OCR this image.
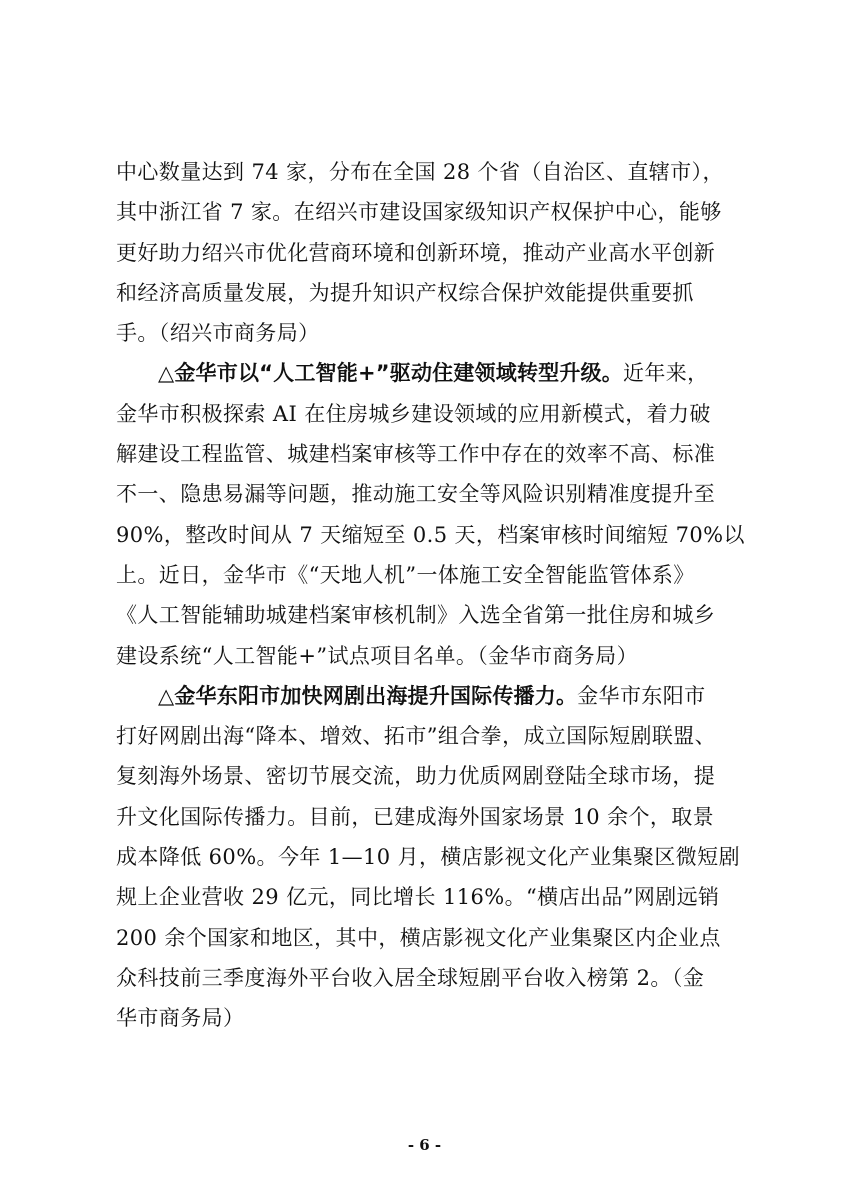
中心数量达到 74 家，分布在全国 28 个省（自治区、直辖市），
其中浙江省 7 家。在绍兴市建设国家级知识产权保护中心，能够
更好助力绍兴市优化营商环境和创新环境，推动产业高水平创新
和经济高质量发展，为提升知识产权综合保护效能提供重要抓
手。（绍兴市商务局）
△金华市以“人工智能+”驱动住建领域转型升级。近年来，
金华市积极探索 AI 在住房城乡建设领域的应用新模式，着力破
解建设工程监管、城建档案审核等工作中存在的效率不高、标准
不一、隐患易漏等问题，推动施工安全等风险识别精准度提升至
90%，整改时间从 7 天缩短至 0.5 天，档案审核时间缩短 70%以
上。近日，金华市《“天地人机”一体施工安全智能监管体系》
《人工智能辅助城建档案审核机制》入选全省第一批住房和城乡
建设系统“人工智能+”试点项目名单。（金华市商务局）
△金华东阳市加快网剧出海提升国际传播力。金华市东阳市
打好网剧出海“降本、增效、拓市”组合拳，成立国际短剧联盟、
复刻海外场景、密切节展交流，助力优质网剧登陆全球市场，提
升文化国际传播力。目前，已建成海外国家场景 10 余个，取景
成本降低 60%。今年 1—10 月，横店影视文化产业集聚区微短剧
规上企业营收 29 亿元，同比增长 116%。“横店出品”网剧远销
200 余个国家和地区，其中，横店影视文化产业集聚区内企业点
众科技前三季度海外平台收入居全球短剧平台收入榜第 2。（金
华市商务局）
- 6 -
